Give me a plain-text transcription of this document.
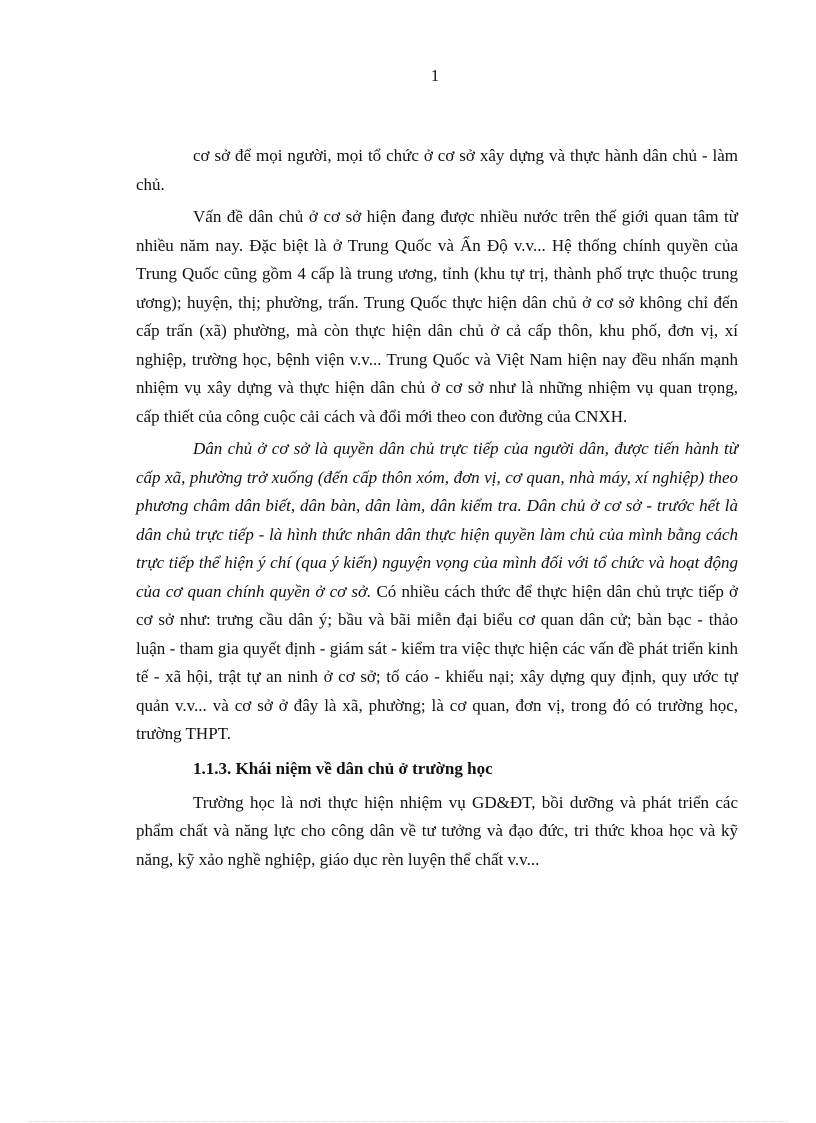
1

cơ sở để mọi người, mọi tổ chức ở cơ sở xây dựng và thực hành dân chủ - làm chủ.

Vấn đề dân chủ ở cơ sở hiện đang được nhiều nước trên thế giới quan tâm từ nhiều năm nay. Đặc biệt là ở Trung Quốc và Ấn Độ v.v... Hệ thống chính quyền của Trung Quốc cũng gồm 4 cấp là trung ương, tỉnh (khu tự trị, thành phố trực thuộc trung ương); huyện, thị; phường, trấn. Trung Quốc thực hiện dân chủ ở cơ sở không chỉ đến cấp trấn (xã) phường, mà còn thực hiện dân chủ ở cả cấp thôn, khu phố, đơn vị, xí nghiệp, trường học, bệnh viện v.v... Trung Quốc và Việt Nam hiện nay đều nhấn mạnh nhiệm vụ xây dựng và thực hiện dân chủ ở cơ sở như là những nhiệm vụ quan trọng, cấp thiết của công cuộc cải cách và đổi mới theo con đường của CNXH.

Dân chủ ở cơ sở là quyền dân chủ trực tiếp của người dân, được tiến hành từ cấp xã, phường trở xuống (đến cấp thôn xóm, đơn vị, cơ quan, nhà máy, xí nghiệp) theo phương châm dân biết, dân bàn, dân làm, dân kiểm tra. Dân chủ ở cơ sở - trước hết là dân chủ trực tiếp - là hình thức nhân dân thực hiện quyền làm chủ của mình bằng cách trực tiếp thể hiện ý chí (qua ý kiến) nguyện vọng của mình đối với tổ chức và hoạt động của cơ quan chính quyền ở cơ sở. Có nhiều cách thức để thực hiện dân chủ trực tiếp ở cơ sở như: trưng cầu dân ý; bầu và bãi miễn đại biểu cơ quan dân cử; bàn bạc - thảo luận - tham gia quyết định - giám sát - kiểm tra việc thực hiện các vấn đề phát triển kinh tế - xã hội, trật tự an ninh ở cơ sở; tố cáo - khiếu nại; xây dựng quy định, quy ước tự quản v.v... và cơ sở ở đây là xã, phường; là cơ quan, đơn vị, trong đó có trường học, trường THPT.

1.1.3. Khái niệm về dân chủ ở trường học

Trường học là nơi thực hiện nhiệm vụ GD&ĐT, bồi dưỡng và phát triển các phẩm chất và năng lực cho công dân về tư tưởng và đạo đức, tri thức khoa học và kỹ năng, kỹ xảo nghề nghiệp, giáo dục rèn luyện thể chất v.v...
